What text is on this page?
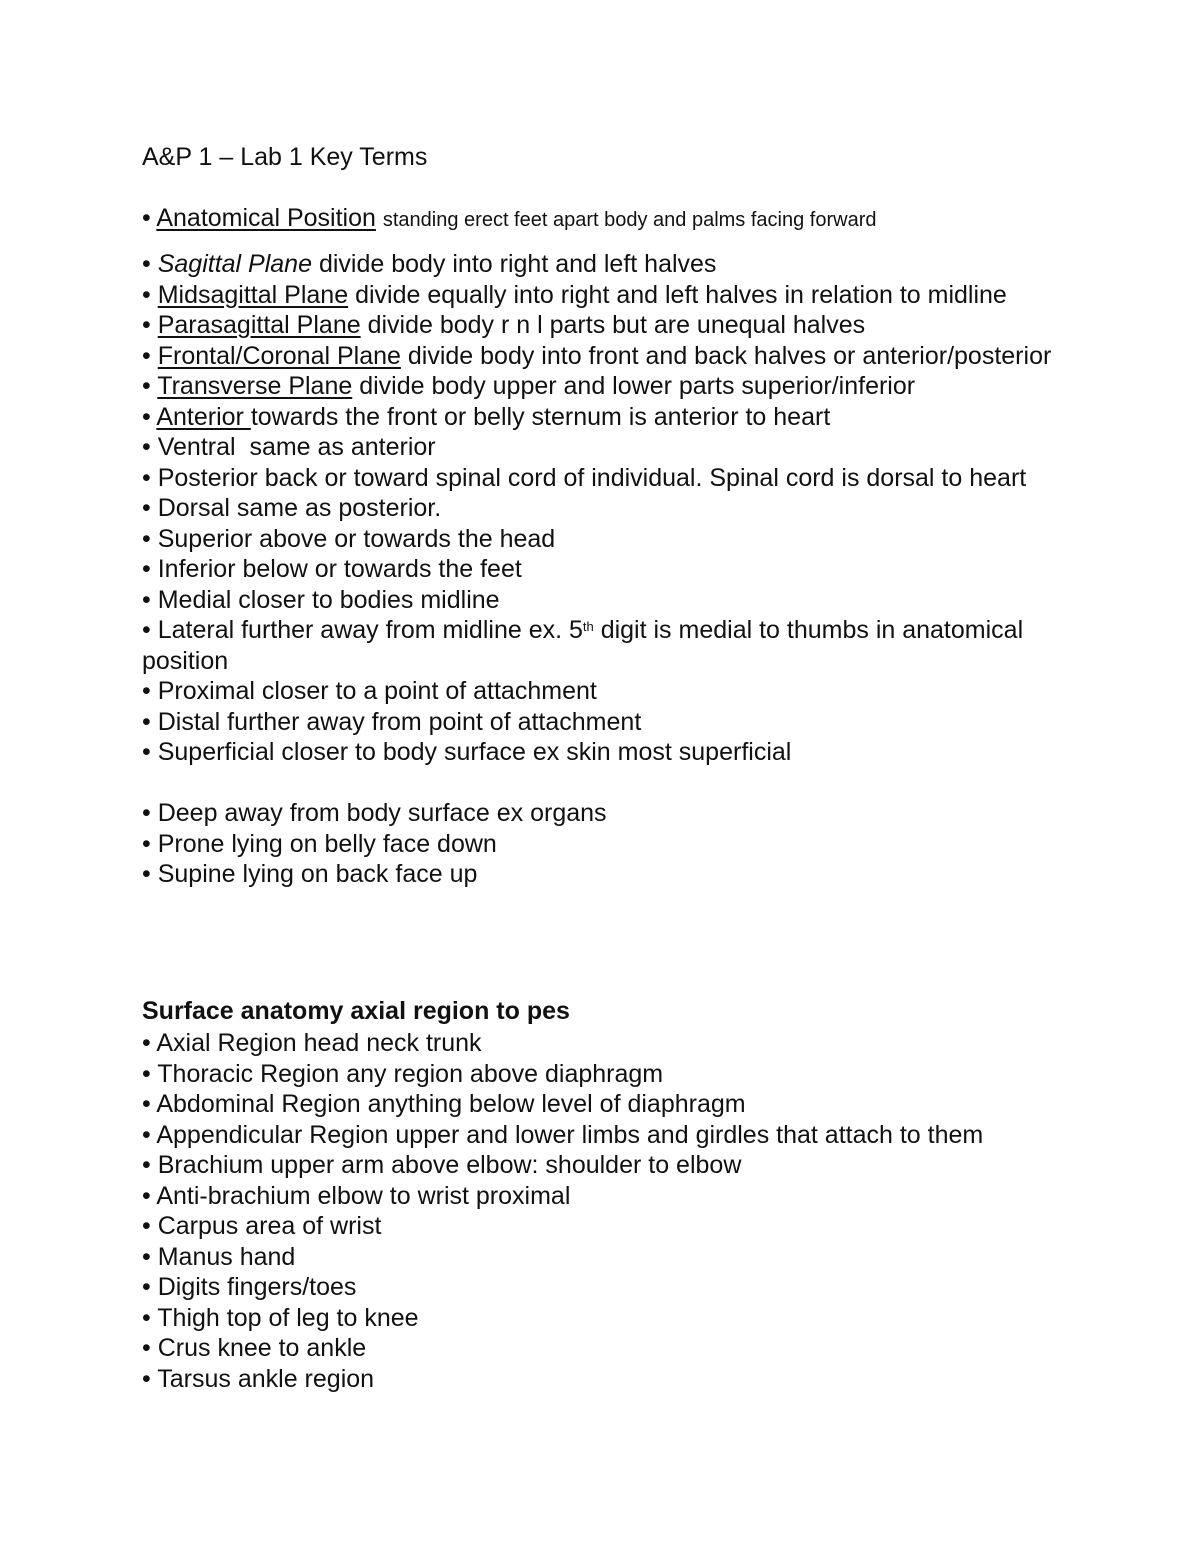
A&P 1 – Lab 1 Key Terms
• Anatomical Position standing erect feet apart body and palms facing forward

• Sagittal Plane divide body into right and left halves

• Midsagittal Plane divide equally into right and left halves in relation to midline

• Parasagittal Plane divide body r n l parts but are unequal halves

• Frontal/Coronal Plane divide body into front and back halves or anterior/posterior

• Transverse Plane divide body upper and lower parts superior/inferior

• Anterior towards the front or belly sternum is anterior to heart

• Ventral  same as anterior

• Posterior back or toward spinal cord of individual. Spinal cord is dorsal to heart

• Dorsal same as posterior.

• Superior above or towards the head

• Inferior below or towards the feet

• Medial closer to bodies midline

• Lateral further away from midline ex. 5th digit is medial to thumbs in anatomical position

• Proximal closer to a point of attachment

• Distal further away from point of attachment

• Superficial closer to body surface ex skin most superficial

• Deep away from body surface ex organs

• Prone lying on belly face down

• Supine lying on back face up

Surface anatomy axial region to pes

• Axial Region head neck trunk

• Thoracic Region any region above diaphragm

• Abdominal Region anything below level of diaphragm

• Appendicular Region upper and lower limbs and girdles that attach to them

• Brachium upper arm above elbow: shoulder to elbow

• Anti-brachium elbow to wrist proximal

• Carpus area of wrist

• Manus hand

• Digits fingers/toes

• Thigh top of leg to knee

• Crus knee to ankle

• Tarsus ankle region
